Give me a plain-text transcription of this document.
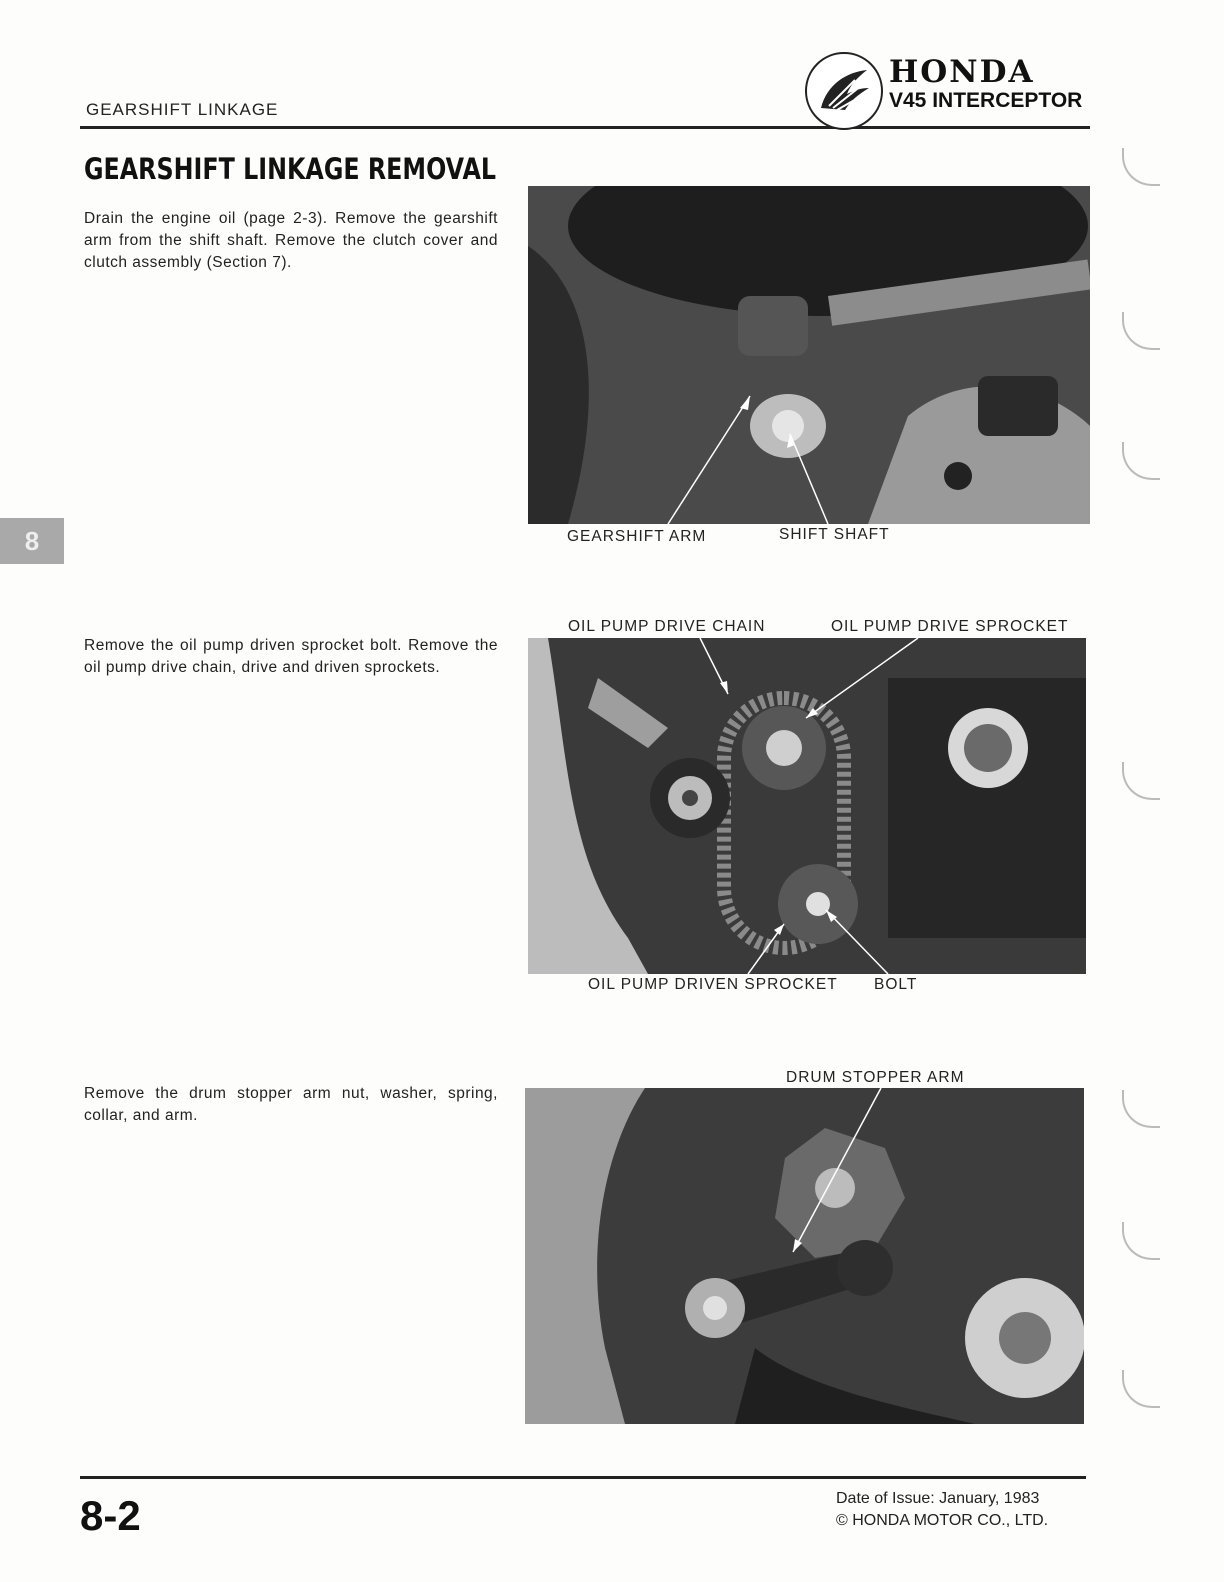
GEARSHIFT LINKAGE
HONDA
V45 INTERCEPTOR
GEARSHIFT LINKAGE REMOVAL

Drain the engine oil (page 2-3). Remove the gearshift arm from the shift shaft. Remove the clutch cover and clutch assembly (Section 7).

GEARSHIFT ARM	SHIFT SHAFT

Remove the oil pump driven sprocket bolt. Remove the oil pump drive chain, drive and driven sprockets.

OIL PUMP DRIVE CHAIN	OIL PUMP DRIVE SPROCKET
OIL PUMP DRIVEN SPROCKET BOLT

Remove the drum stopper arm nut, washer, spring, collar, and arm.

DRUM STOPPER ARM
8
8-2	Date of Issue: January, 1983
© HONDA MOTOR CO., LTD.
